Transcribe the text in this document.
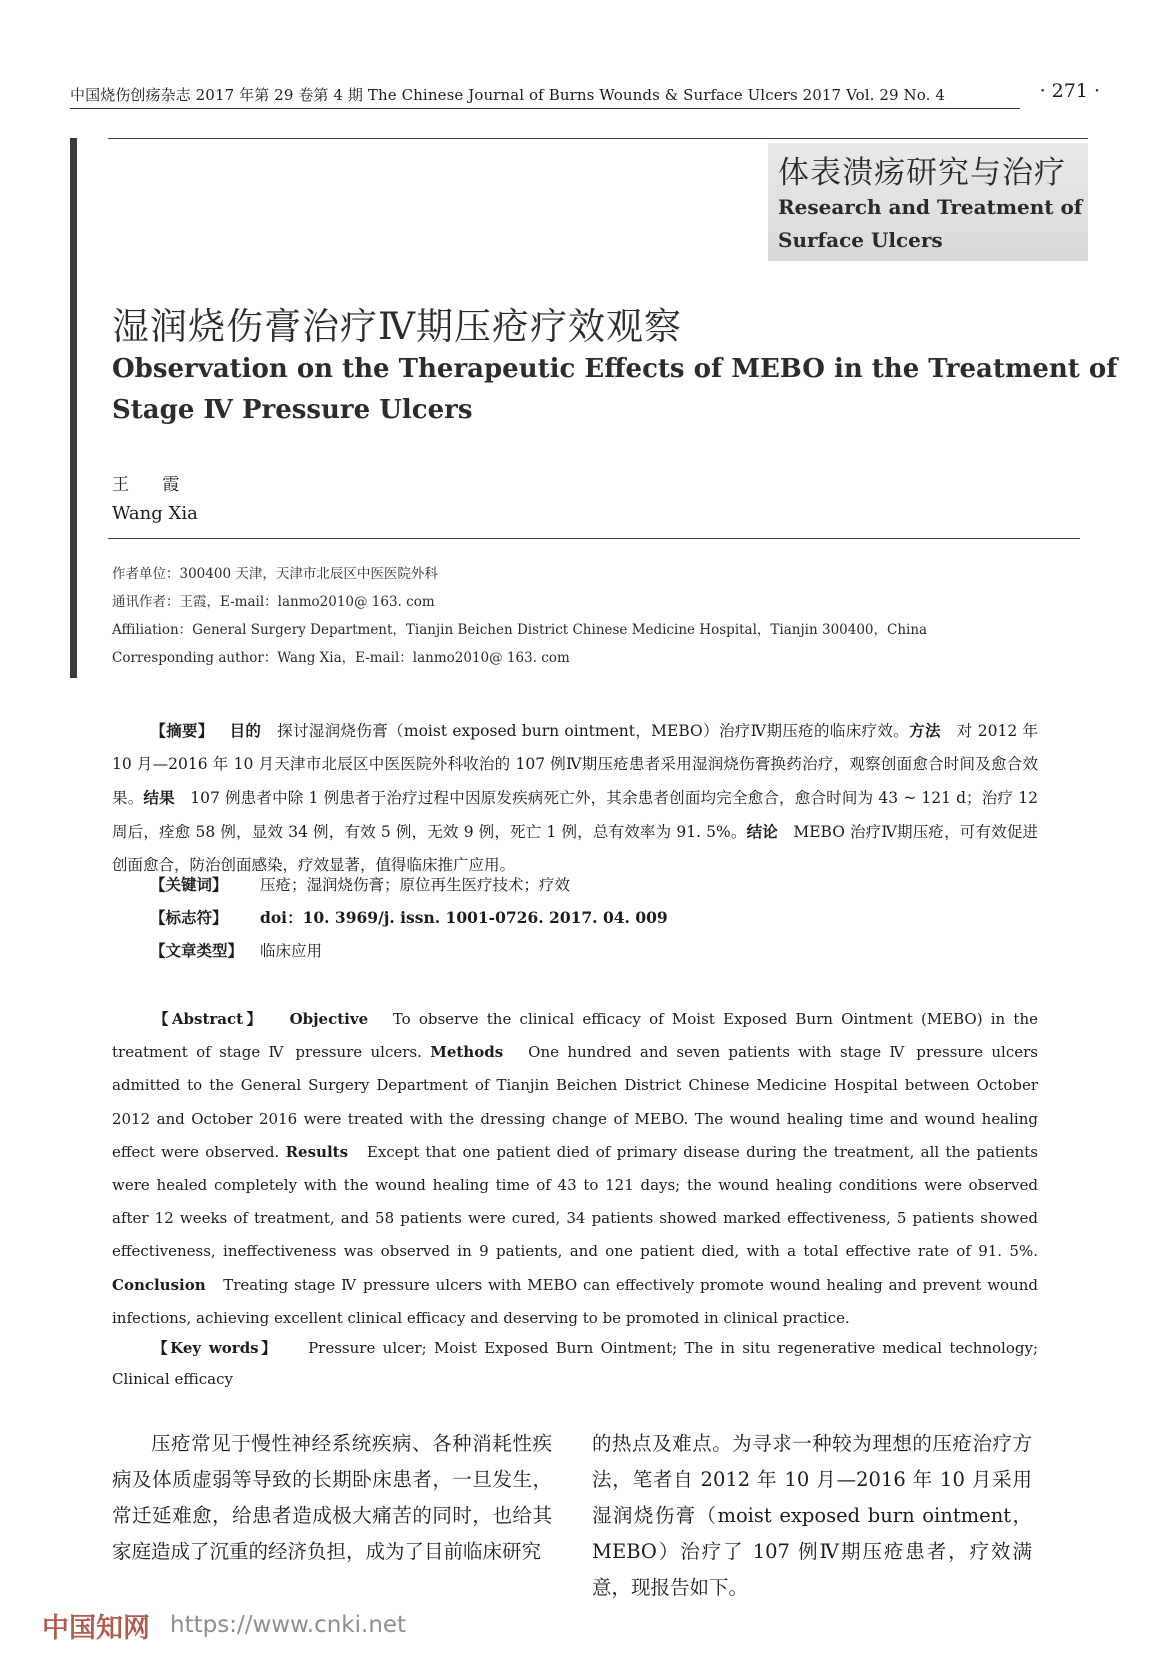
中国烧伤创疡杂志 2017 年第 29 卷第 4 期 The Chinese Journal of Burns Wounds & Surface Ulcers 2017 Vol. 29 No. 4	· 271 ·
体表溃疡研究与治疗
Research and Treatment of
Surface Ulcers
湿润烧伤膏治疗Ⅳ期压疮疗效观察
Observation on the Therapeutic Effects of MEBO in the Treatment of
Stage Ⅳ Pressure Ulcers
王 霞
Wang Xia
作者单位：300400 天津，天津市北辰区中医医院外科
通讯作者：王霞，E-mail：lanmo2010@ 163. com
Affiliation：General Surgery Department，Tianjin Beichen District Chinese Medicine Hospital，Tianjin 300400，China
Corresponding author：Wang Xia，E-mail：lanmo2010@ 163. com

【摘要】 目的 探讨湿润烧伤膏（moist exposed burn ointment，MEBO）治疗Ⅳ期压疮的临床疗效。方法 对 2012 年 10 月—2016 年 10 月天津市北辰区中医医院外科收治的 107 例Ⅳ期压疮患者采用湿润烧伤膏换药治疗，观察创面愈合时间及愈合效果。结果 107 例患者中除 1 例患者于治疗过程中因原发疾病死亡外，其余患者创面均完全愈合，愈合时间为 43 ~ 121 d；治疗 12 周后，痊愈 58 例，显效 34 例，有效 5 例，无效 9 例，死亡 1 例，总有效率为 91. 5%。结论 MEBO 治疗Ⅳ期压疮，可有效促进创面愈合，防治创面感染，疗效显著，值得临床推广应用。

【关键词】 压疮；湿润烧伤膏；原位再生医疗技术；疗效
【标志符】 doi：10. 3969/j. issn. 1001-0726. 2017. 04. 009
【文章类型】 临床应用

【Abstract】 Objective To observe the clinical efficacy of Moist Exposed Burn Ointment (MEBO) in the treatment of stage Ⅳ pressure ulcers. Methods One hundred and seven patients with stage Ⅳ pressure ulcers admitted to the General Surgery Department of Tianjin Beichen District Chinese Medicine Hospital between October 2012 and October 2016 were treated with the dressing change of MEBO. The wound healing time and wound healing effect were observed. Results Except that one patient died of primary disease during the treatment, all the patients were healed completely with the wound healing time of 43 to 121 days; the wound healing conditions were observed after 12 weeks of treatment, and 58 patients were cured, 34 patients showed marked effectiveness, 5 patients showed effectiveness, ineffectiveness was observed in 9 patients, and one patient died, with a total effective rate of 91. 5%. Conclusion Treating stage Ⅳ pressure ulcers with MEBO can effectively promote wound healing and prevent wound infections, achieving excellent clinical efficacy and deserving to be promoted in clinical practice.

【Key words】 Pressure ulcer; Moist Exposed Burn Ointment; The in situ regenerative medical technology; Clinical efficacy

压疮常见于慢性神经系统疾病、各种消耗性疾病及体质虚弱等导致的长期卧床患者，一旦发生，常迁延难愈，给患者造成极大痛苦的同时，也给其家庭造成了沉重的经济负担，成为了目前临床研究
的热点及难点。为寻求一种较为理想的压疮治疗方法，笔者自 2012 年 10 月—2016 年 10 月采用湿润烧伤膏（moist exposed burn ointment，MEBO）治疗了 107 例Ⅳ期压疮患者，疗效满意，现报告如下。
中国知网 https://www.cnki.net
